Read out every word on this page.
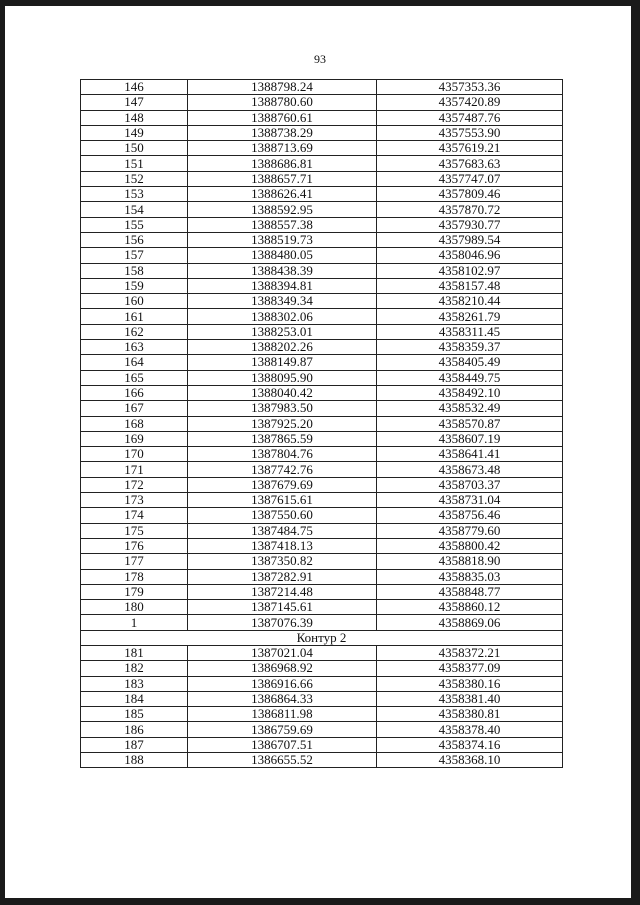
93
146	1388798.24	4357353.36
147	1388780.60	4357420.89
148	1388760.61	4357487.76
149	1388738.29	4357553.90
150	1388713.69	4357619.21
151	1388686.81	4357683.63
152	1388657.71	4357747.07
153	1388626.41	4357809.46
154	1388592.95	4357870.72
155	1388557.38	4357930.77
156	1388519.73	4357989.54
157	1388480.05	4358046.96
158	1388438.39	4358102.97
159	1388394.81	4358157.48
160	1388349.34	4358210.44
161	1388302.06	4358261.79
162	1388253.01	4358311.45
163	1388202.26	4358359.37
164	1388149.87	4358405.49
165	1388095.90	4358449.75
166	1388040.42	4358492.10
167	1387983.50	4358532.49
168	1387925.20	4358570.87
169	1387865.59	4358607.19
170	1387804.76	4358641.41
171	1387742.76	4358673.48
172	1387679.69	4358703.37
173	1387615.61	4358731.04
174	1387550.60	4358756.46
175	1387484.75	4358779.60
176	1387418.13	4358800.42
177	1387350.82	4358818.90
178	1387282.91	4358835.03
179	1387214.48	4358848.77
180	1387145.61	4358860.12
1	1387076.39	4358869.06
Контур 2		
181	1387021.04	4358372.21
182	1386968.92	4358377.09
183	1386916.66	4358380.16
184	1386864.33	4358381.40
185	1386811.98	4358380.81
186	1386759.69	4358378.40
187	1386707.51	4358374.16
188	1386655.52	4358368.10
